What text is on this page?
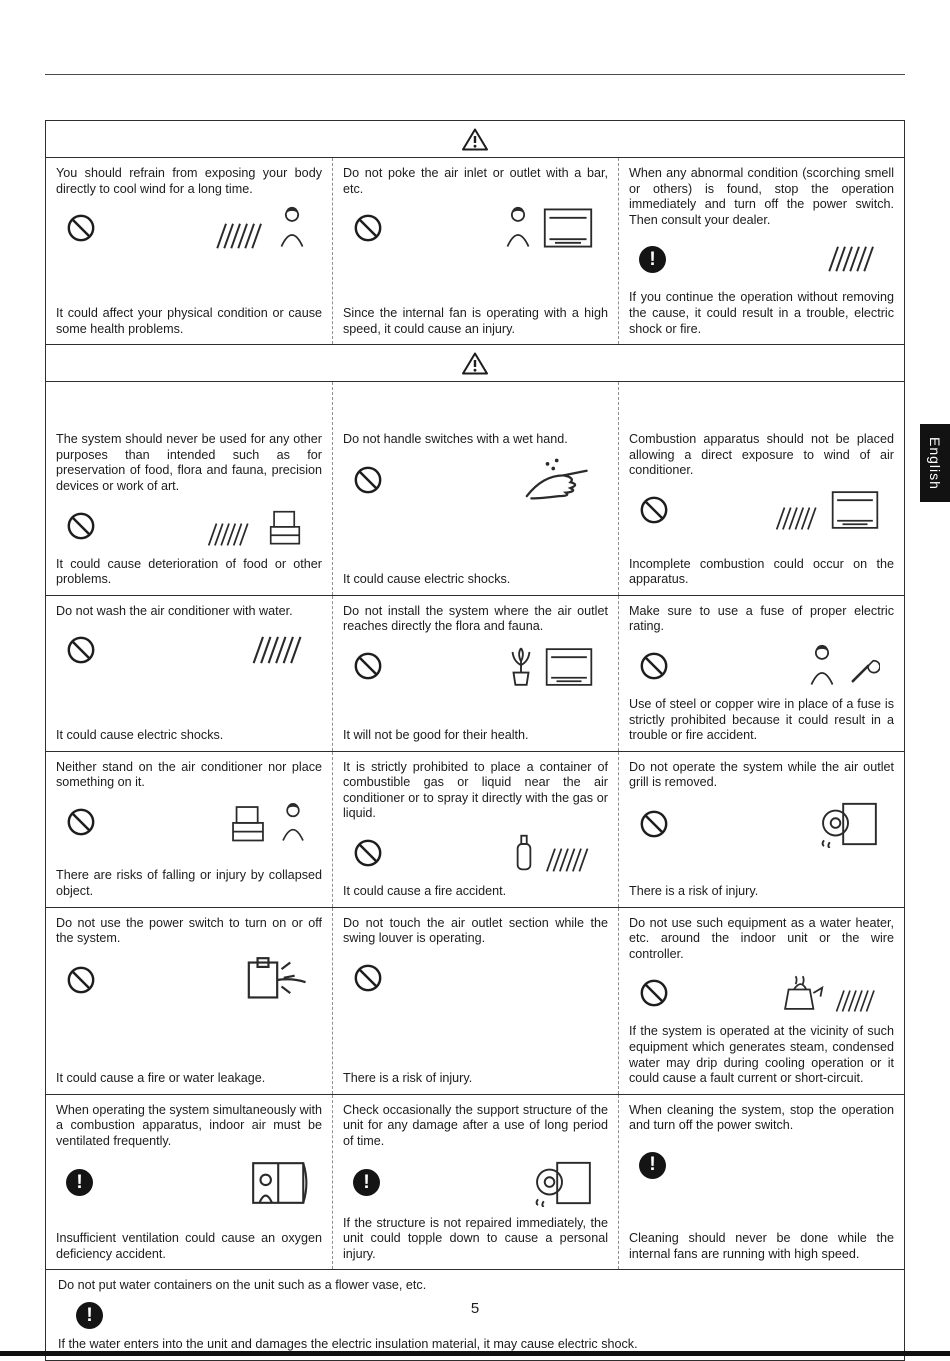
English

You should refrain from exposing your body directly to cool wind for a long time.

It could affect your physical condition or cause some health problems.

Do not poke the air inlet or outlet with a bar, etc.

Since the internal fan is operating with a high speed, it could cause an injury.

When any abnormal condition (scorching smell or others) is found, stop the operation immediately and turn off the power switch. Then consult your dealer.

!

If you continue the operation without removing the cause, it could result in a trouble, electric shock or fire.

The system should never be used for any other purposes than intended such as for preservation of food, flora and fauna, precision devices or work of art.

It could cause deterioration of food or other problems.

Do not handle switches with a wet hand.

It could cause electric shocks.

Combustion apparatus should not be placed allowing a direct exposure to wind of air conditioner.

Incomplete combustion could occur on the apparatus.

Do not wash the air conditioner with water.

It could cause electric shocks.

Do not install the system where the air outlet reaches directly the flora and fauna.

It will not be good for their health.

Make sure to use a fuse of proper electric rating.

Use of steel or copper wire in place of a fuse is strictly prohibited because it could result in a trouble or fire accident.

Neither stand on the air conditioner nor place something on it.

There are risks of falling or injury by collapsed object.

It is strictly prohibited to place a container of combustible gas or liquid near the air conditioner or to spray it directly with the gas or liquid.

It could cause a fire accident.

Do not operate the system while the air outlet grill is removed.

There is a risk of injury.

Do not use the power switch to turn on or off the system.

It could cause a fire or water leakage.

Do not touch the air outlet section while the swing louver is operating.

There is a risk of injury.

Do not use such equipment as a water heater, etc. around the indoor unit or the wire controller.

If the system is operated at the vicinity of such equipment which generates steam, condensed water may drip during cooling operation or it could cause a fault current or short-circuit.

When operating the system simultaneously with a combustion apparatus, indoor air must be ventilated frequently.

!

Insufficient ventilation could cause an oxygen deficiency accident.

Check occasionally the support structure of the unit for any damage after a use of long period of time.

!

If the structure is not repaired immediately, the unit could topple down to cause a personal injury.

When cleaning the system, stop the operation and turn off the power switch.

!

Cleaning should never be done while the internal fans are running with high speed.

Do not put water containers on the unit such as a flower vase, etc.

!

If the water enters into the unit and damages the electric insulation material, it may cause electric shock.

5
